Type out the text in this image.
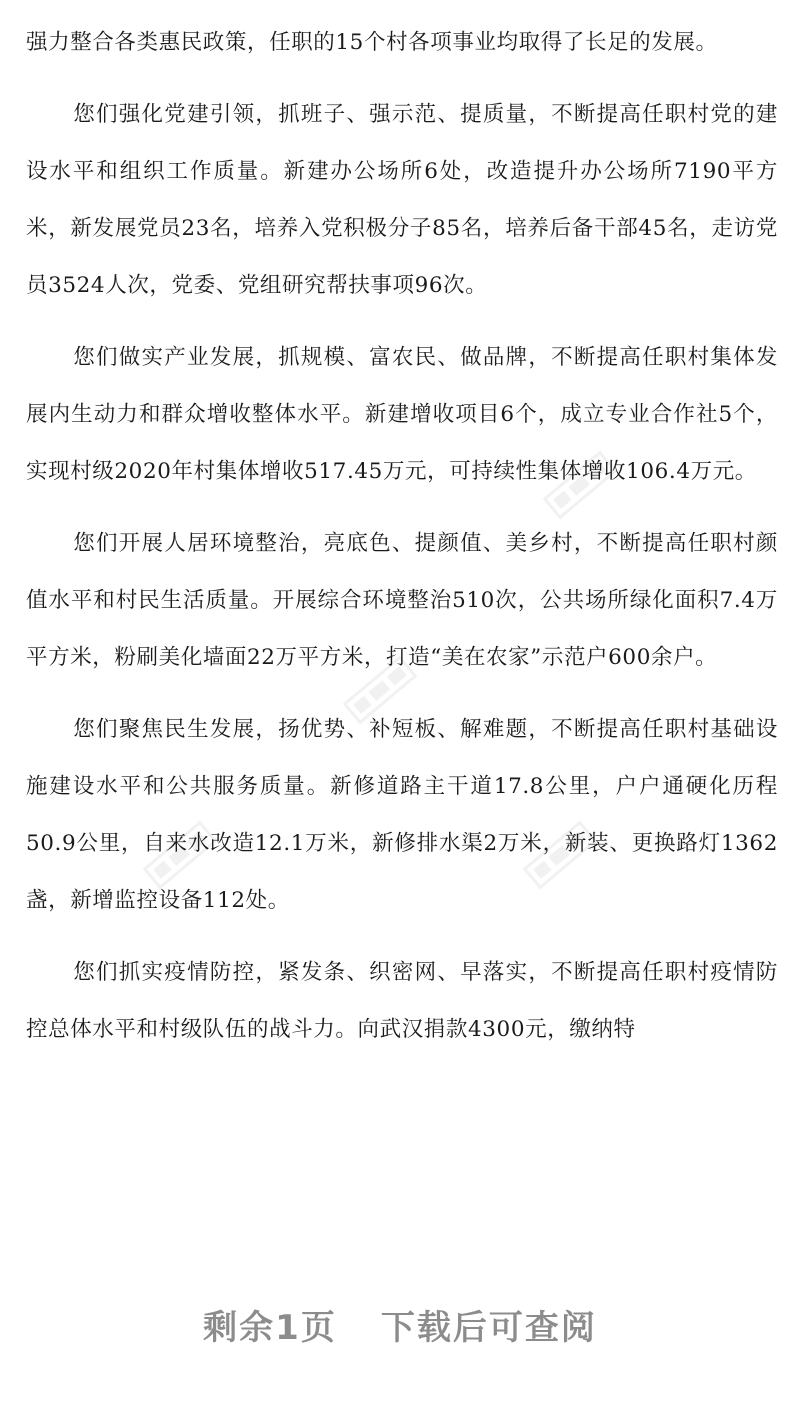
强力整合各类惠民政策，任职的15个村各项事业均取得了长足的发展。

您们强化党建引领，抓班子、强示范、提质量，不断提高任职村党的建设水平和组织工作质量。新建办公场所6处，改造提升办公场所7190平方米，新发展党员23名，培养入党积极分子85名，培养后备干部45名，走访党员3524人次，党委、党组研究帮扶事项96次。

您们做实产业发展，抓规模、富农民、做品牌，不断提高任职村集体发展内生动力和群众增收整体水平。新建增收项目6个，成立专业合作社5个，实现村级2020年村集体增收517.45万元，可持续性集体增收106.4万元。

您们开展人居环境整治，亮底色、提颜值、美乡村，不断提高任职村颜值水平和村民生活质量。开展综合环境整治510次，公共场所绿化面积7.4万平方米，粉刷美化墙面22万平方米，打造“美在农家”示范户600余户。

您们聚焦民生发展，扬优势、补短板、解难题，不断提高任职村基础设施建设水平和公共服务质量。新修道路主干道17.8公里，户户通硬化历程50.9公里，自来水改造12.1万米，新修排水渠2万米，新装、更换路灯1362盏，新增监控设备112处。

您们抓实疫情防控，紧发条、织密网、早落实，不断提高任职村疫情防控总体水平和村级队伍的战斗力。向武汉捐款4300元，缴纳特

剩余1页 下载后可查阅
